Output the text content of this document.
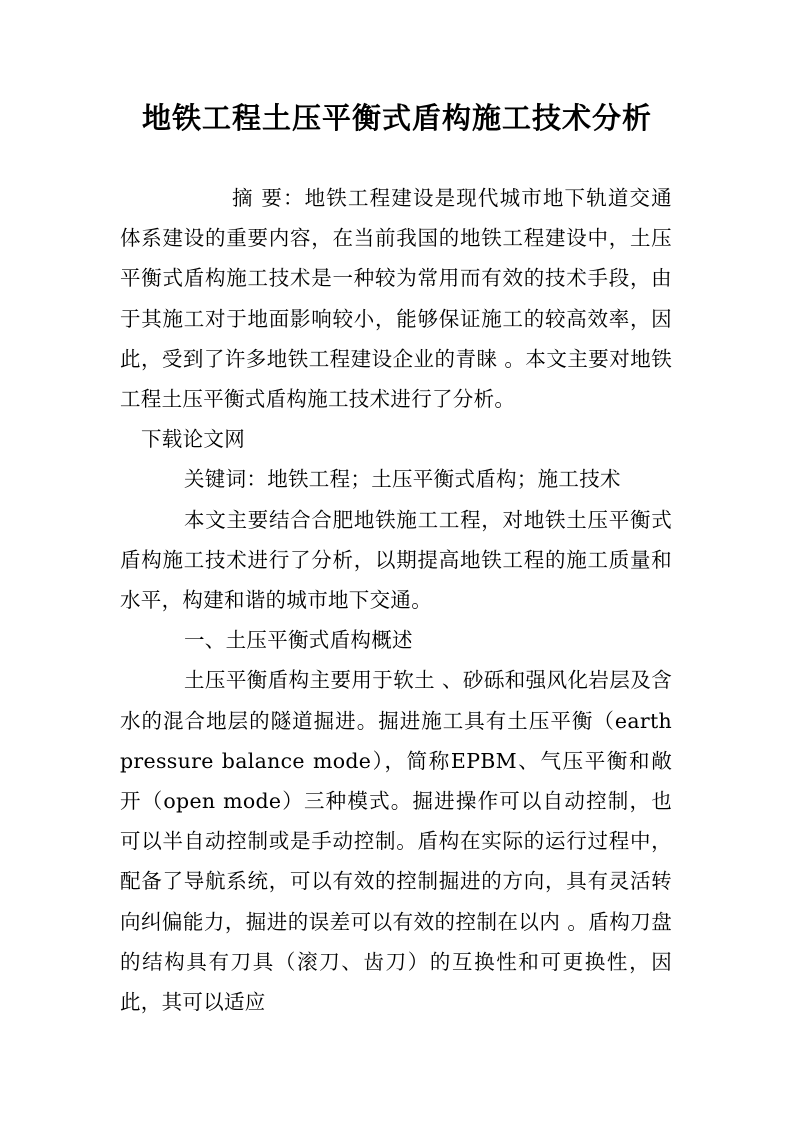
地铁工程土压平衡式盾构施工技术分析

摘 要：地铁工程建设是现代城市地下轨道交通体系建设的重要内容，在当前我国的地铁工程建设中，土压平衡式盾构施工技术是一种较为常用而有效的技术手段，由于其施工对于地面影响较小，能够保证施工的较高效率，因此，受到了许多地铁工程建设企业的青睐 。本文主要对地铁工程土压平衡式盾构施工技术进行了分析。

下载论文网

关键词：地铁工程；土压平衡式盾构；施工技术

本文主要结合合肥地铁施工工程，对地铁土压平衡式盾构施工技术进行了分析，以期提高地铁工程的施工质量和水平，构建和谐的城市地下交通。

一、土压平衡式盾构概述

土压平衡盾构主要用于软土 、砂砾和强风化岩层及含水的混合地层的隧道掘进。掘进施工具有土压平衡（earth pressure balance mode），简称EPBM、气压平衡和敞开（open mode）三种模式。掘进操作可以自动控制，也可以半自动控制或是手动控制。盾构在实际的运行过程中，配备了导航系统，可以有效的控制掘进的方向，具有灵活转向纠偏能力，掘进的误差可以有效的控制在以内 。盾构刀盘的结构具有刀具（滚刀、齿刀）的互换性和可更换性，因此，其可以适应
